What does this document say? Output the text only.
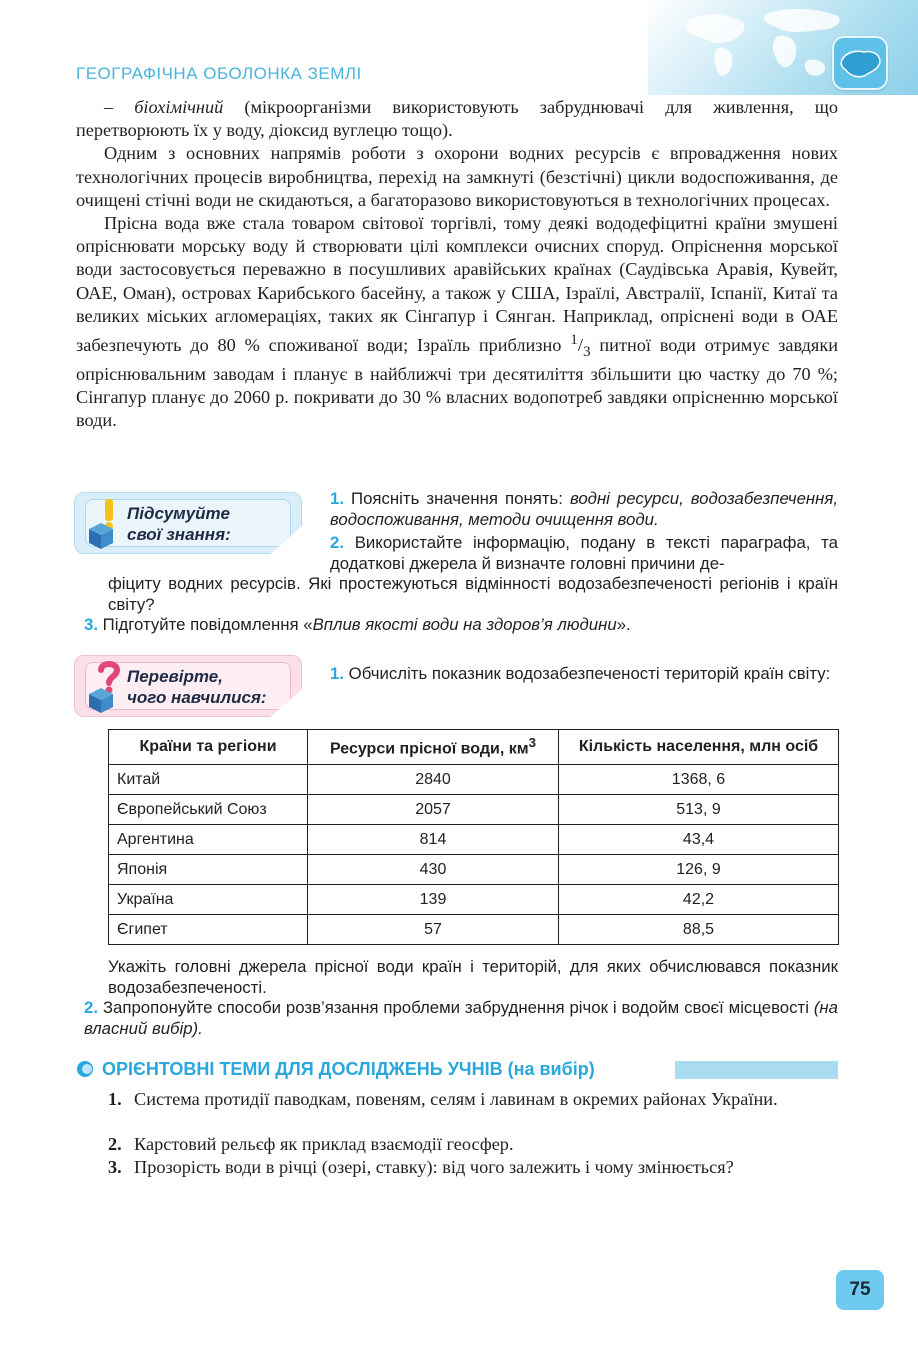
ГЕОГРАФІЧНА ОБОЛОНКА ЗЕМЛІ

– біохімічний (мікроорганізми використовують забруднювачі для живлення, що перетворюють їх у воду, діоксид вуглецю тощо).

Одним з основних напрямів роботи з охорони водних ресурсів є впровадження нових технологічних процесів виробництва, перехід на замкнуті (безстічні) цикли водоспоживання, де очищені стічні води не скидаються, а багаторазово використовуються в технологічних процесах.

Прісна вода вже стала товаром світової торгівлі, тому деякі вододефіцитні країни змушені опріснювати морську воду й створювати цілі комплекси очисних споруд. Опріснення морської води застосовується переважно в посушливих аравійських країнах (Саудівська Аравія, Кувейт, ОАЕ, Оман), островах Карибського басейну, а також у США, Ізраїлі, Австралії, Іспанії, Китаї та великих міських агломераціях, таких як Сінгапур і Сянган. Наприклад, опріснені води в ОАЕ забезпечують до 80 % споживаної води; Ізраїль приблизно $^1/_3$ питної води отримує завдяки опріснювальним заводам і планує в найближчі три десятиліття збільшити цю частку до 70 %; Сінгапур планує до 2060 р. покривати до 30 % власних водопотреб завдяки опрісненню морської води.

Підсумуйте
свої знання:
1. Поясніть значення понять: водні ресурси, водозабезпечення, водоспоживання, методи очищення води.
2. Використайте інформацію, подану в тексті параграфа, та додаткові джерела й визначте головні причини де-
фіциту водних ресурсів. Які простежуються відмінності водозабезпеченості регіонів і країн світу?
3. Підготуйте повідомлення «Вплив якості води на здоров’я людини».
Перевірте,
чого навчилися:
1. Обчисліть показник водозабезпеченості територій країн світу:
Країни та регіони	Ресурси прісної води, $км^3$	Кількість населення, млн осіб
Китай	2840	1368, 6
Європейський Союз	2057	513, 9
Аргентина	814	43,4
Японія	430	126, 9
Україна	139	42,2
Єгипет	57	88,5
Укажіть головні джерела прісної води країн і територій, для яких обчислювався показник водозабезпеченості.
2. Запропонуйте способи розв’язання проблеми забруднення річок і водойм своєї місцевості (на власний вибір).
ОРІЄНТОВНІ ТЕМИ ДЛЯ ДОСЛІДЖЕНЬ УЧНІВ (на вибір)
1. Система протидії паводкам, повеням, селям і лавинам в окремих районах України.
2. Карстовий рельєф як приклад взаємодії геосфер.
3. Прозорість води в річці (озері, ставку): від чого залежить і чому змінюється?
75
